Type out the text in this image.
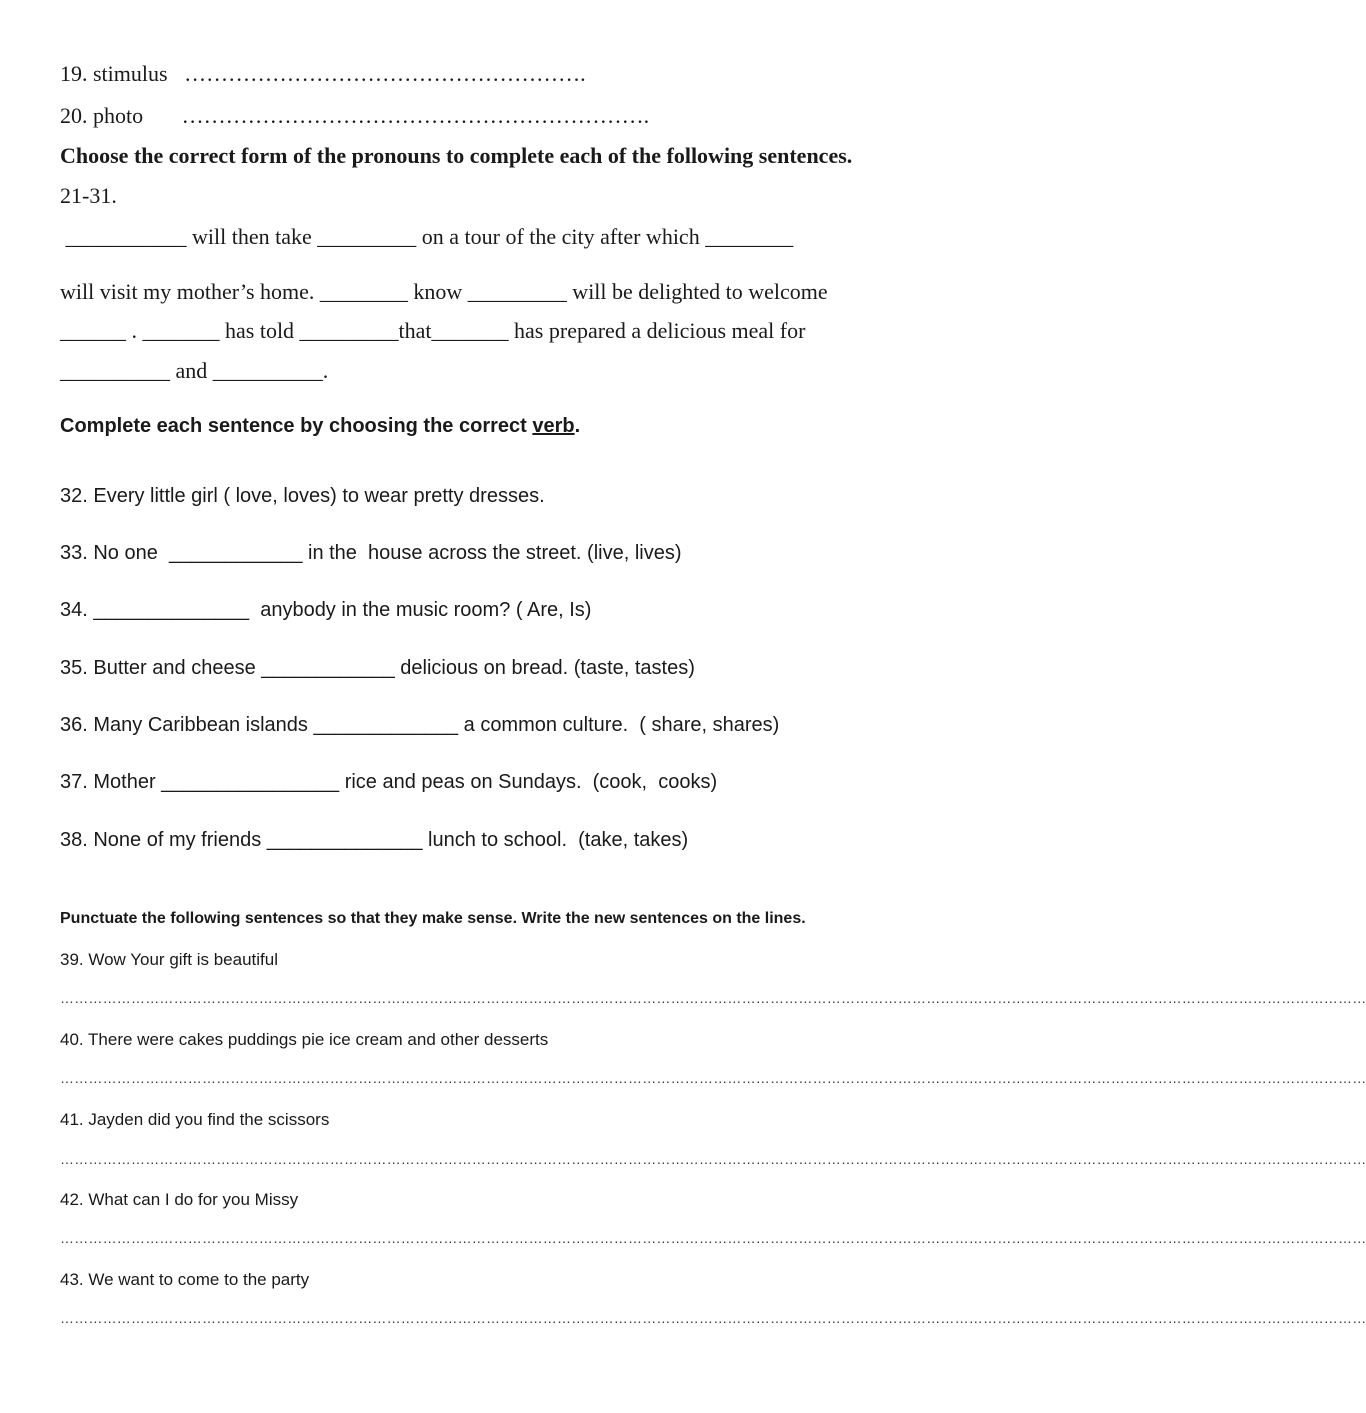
19. stimulus ……………………………………………….
20. photo ……………………………………………………….
Choose the correct form of the pronouns to complete each of the following sentences.
21-31.
___________ will then take _________ on a tour of the city after which ________
will visit my mother’s home. ________ know _________ will be delighted to welcome
______ . _______ has told _________that_______ has prepared a delicious meal for
__________ and __________.
Complete each sentence by choosing the correct verb.
32. Every little girl ( love, loves) to wear pretty dresses.
33. No one  ____________ in the  house across the street. (live, lives)
34. ______________  anybody in the music room? ( Are, Is)
35. Butter and cheese ____________ delicious on bread. (taste, tastes)
36. Many Caribbean islands _____________ a common culture.  ( share, shares)
37. Mother ________________ rice and peas on Sundays.  (cook,  cooks)
38. None of my friends ______________ lunch to school.  (take, takes)
Punctuate the following sentences so that they make sense. Write the new sentences on the lines.
39. Wow Your gift is beautiful
……………………………………………………………………………………………………………………………………………………………………………………………………………………………………………………
40. There were cakes puddings pie ice cream and other desserts
……………………………………………………………………………………………………………………………………………………………………………………………………………………………………………………
41. Jayden did you find the scissors
……………………………………………………………………………………………………………………………………………………………………………………………………………………………………………………
42. What can I do for you Missy
……………………………………………………………………………………………………………………………………………………………………………………………………………………………………………………
43. We want to come to the party
……………………………………………………………………………………………………………………………………………………………………………………………………………………………………………………
